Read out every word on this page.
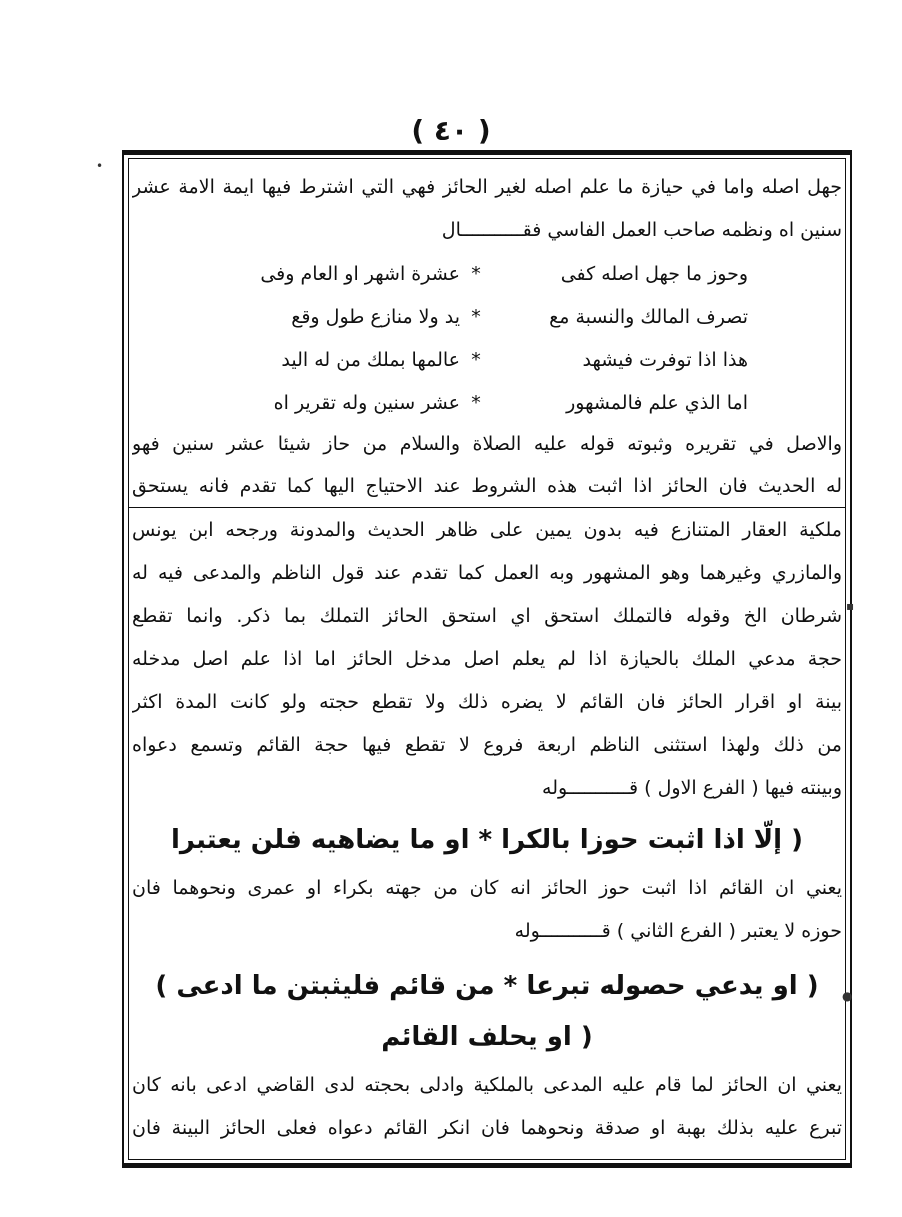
( ٤٠ )
جهل اصله واما في حيازة ما علم اصله لغير الحائز فهي التي اشترط فيها ايمة الامة عشر
سنين اه ونظمه صاحب العمل الفاسي فقـــــــــــال
وحوز ما جهل اصله كفى
*
عشرة اشهر او العام وفى
تصرف المالك والنسبة مع
*
يد ولا منازع طول وقع
هذا اذا توفرت فيشهد
*
عالمها بملك من له اليد
اما الذي علم فالمشهور
*
عشر سنين وله تقرير اه
والاصل في تقريره وثبوته قوله عليه الصلاة والسلام من حاز شيئا عشر سنين فهو
له الحديث فان الحائز اذا اثبت هذه الشروط عند الاحتياج اليها كما تقدم فانه يستحق
ملكية العقار المتنازع فيه بدون يمين على ظاهر الحديث والمدونة ورجحه ابن يونس
والمازري وغيرهما وهو المشهور وبه العمل كما تقدم عند قول الناظم والمدعى فيه له
شرطان الخ وقوله فالتملك استحق اي استحق الحائز التملك بما ذكر. وانما تقطع
حجة مدعي الملك بالحيازة اذا لم يعلم اصل مدخل الحائز اما اذا علم اصل مدخله
بينة او اقرار الحائز فان القائم لا يضره ذلك ولا تقطع حجته ولو كانت المدة اكثر
من ذلك ولهذا استثنى الناظم اربعة فروع لا تقطع فيها حجة القائم وتسمع دعواه
وبينته فيها ( الفرع الاول ) قـــــــــــوله
( إلّا اذا اثبت حوزا بالكرا * او ما يضاهيه فلن يعتبرا
يعني ان القائم اذا اثبت حوز الحائز انه كان من جهته بكراء او عمرى ونحوهما فان
حوزه لا يعتبر ( الفرع الثاني ) قـــــــــــوله
( او يدعي حصوله تبرعا * من قائم فليثبتن ما ادعى )
( او يحلف القائم
يعني ان الحائز لما قام عليه المدعى بالملكية وادلى بحجته لدى القاضي ادعى بانه كان
تبرع عليه بذلك بهبة او صدقة ونحوهما فان انكر القائم دعواه فعلى الحائز البينة فان
•
●
▪
